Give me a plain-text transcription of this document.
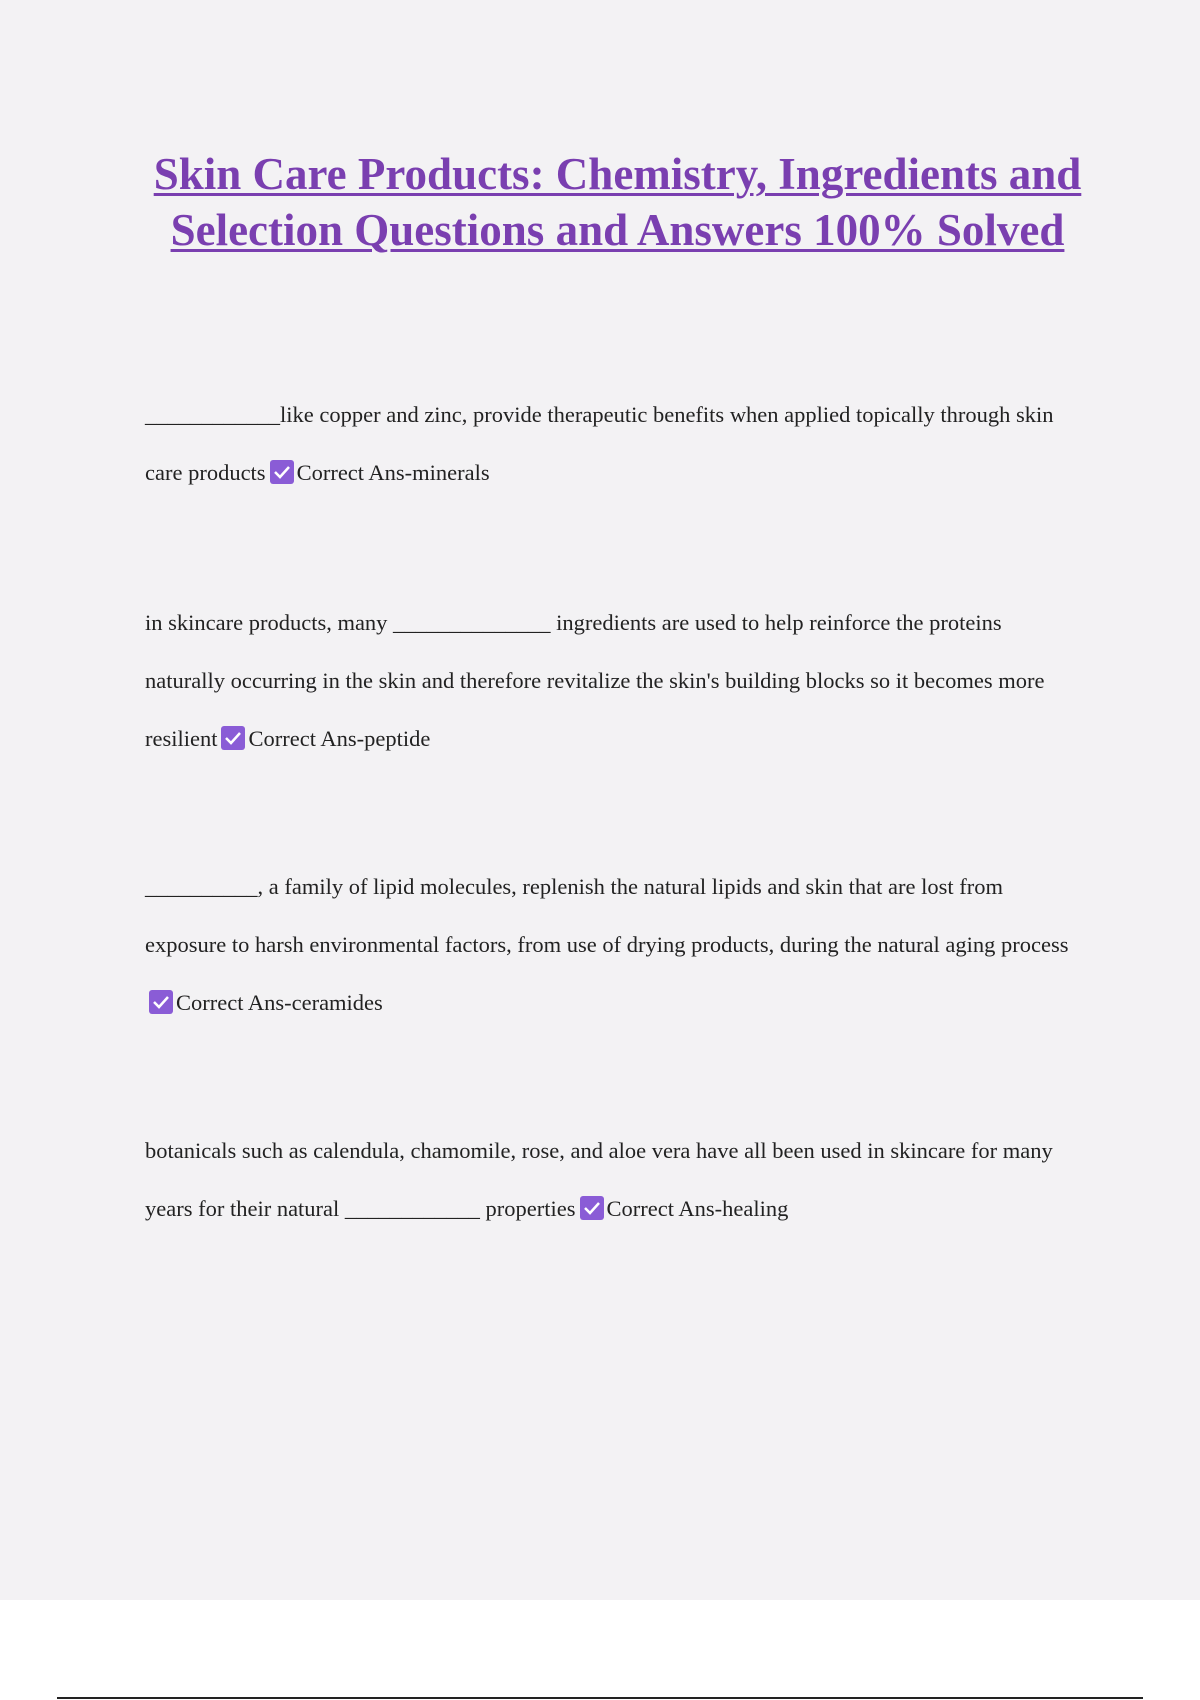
Skin Care Products: Chemistry, Ingredients and Selection Questions and Answers 100% Solved

____________like copper and zinc, provide therapeutic benefits when applied topically through skin care products Correct Ans-minerals

in skincare products, many ______________ ingredients are used to help reinforce the proteins naturally occurring in the skin and therefore revitalize the skin's building blocks so it becomes more resilient Correct Ans-peptide

__________, a family of lipid molecules, replenish the natural lipids and skin that are lost from exposure to harsh environmental factors, from use of drying products, during the natural aging process
Correct Ans-ceramides

botanicals such as calendula, chamomile, rose, and aloe vera have all been used in skincare for many years for their natural ____________ properties Correct Ans-healing
